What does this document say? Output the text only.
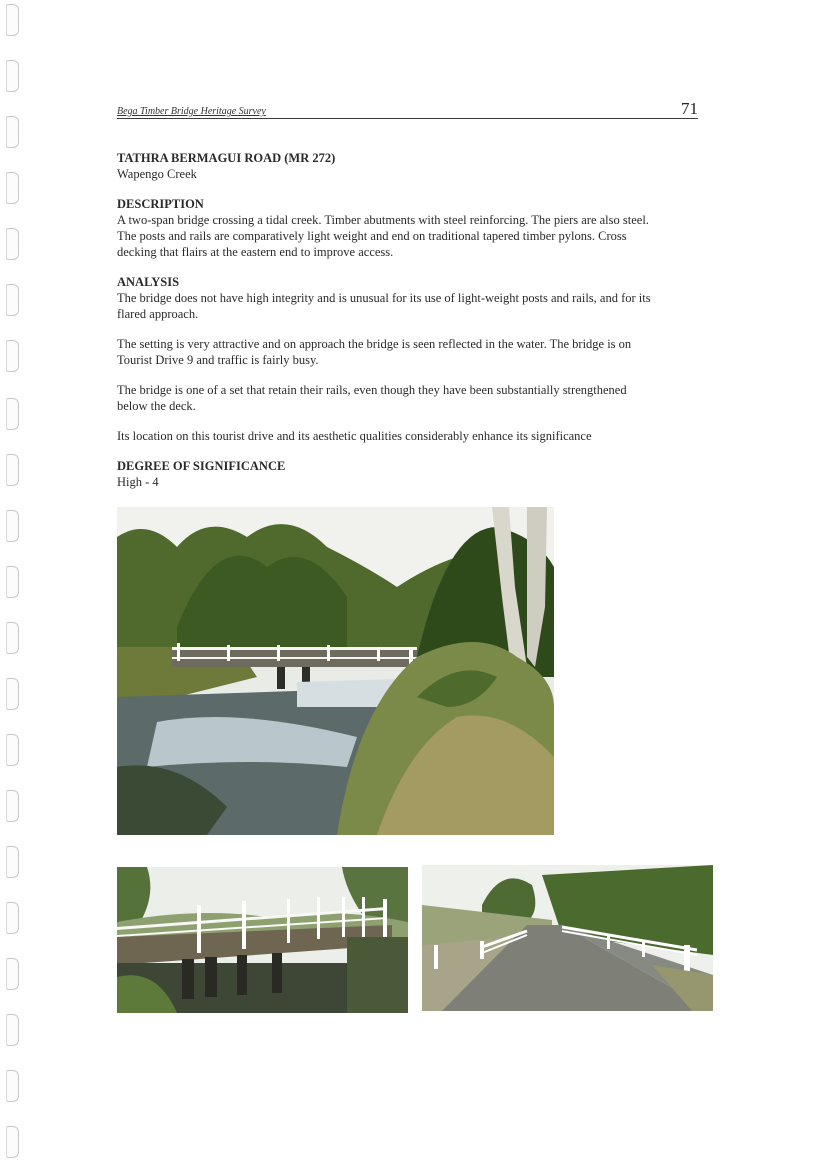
Bega Timber Bridge Heritage Survey	71
TATHRA BERMAGUI ROAD (MR 272)
Wapengo Creek
DESCRIPTION
A two-span bridge crossing a tidal creek. Timber abutments with steel reinforcing. The piers are also steel.
The posts and rails are comparatively light weight and end on traditional tapered timber pylons. Cross
decking that flairs at the eastern end to improve access.
ANALYSIS
The bridge does not have high integrity and is unusual for its use of light-weight posts and rails, and for its
flared approach.
The setting is very attractive and on approach the bridge is seen reflected in the water. The bridge is on
Tourist Drive 9 and traffic is fairly busy.
The bridge is one of a set that retain their rails, even though they have been substantially strengthened
below the deck.
Its location on this tourist drive and its aesthetic qualities considerably enhance its significance
DEGREE OF SIGNIFICANCE
High - 4
